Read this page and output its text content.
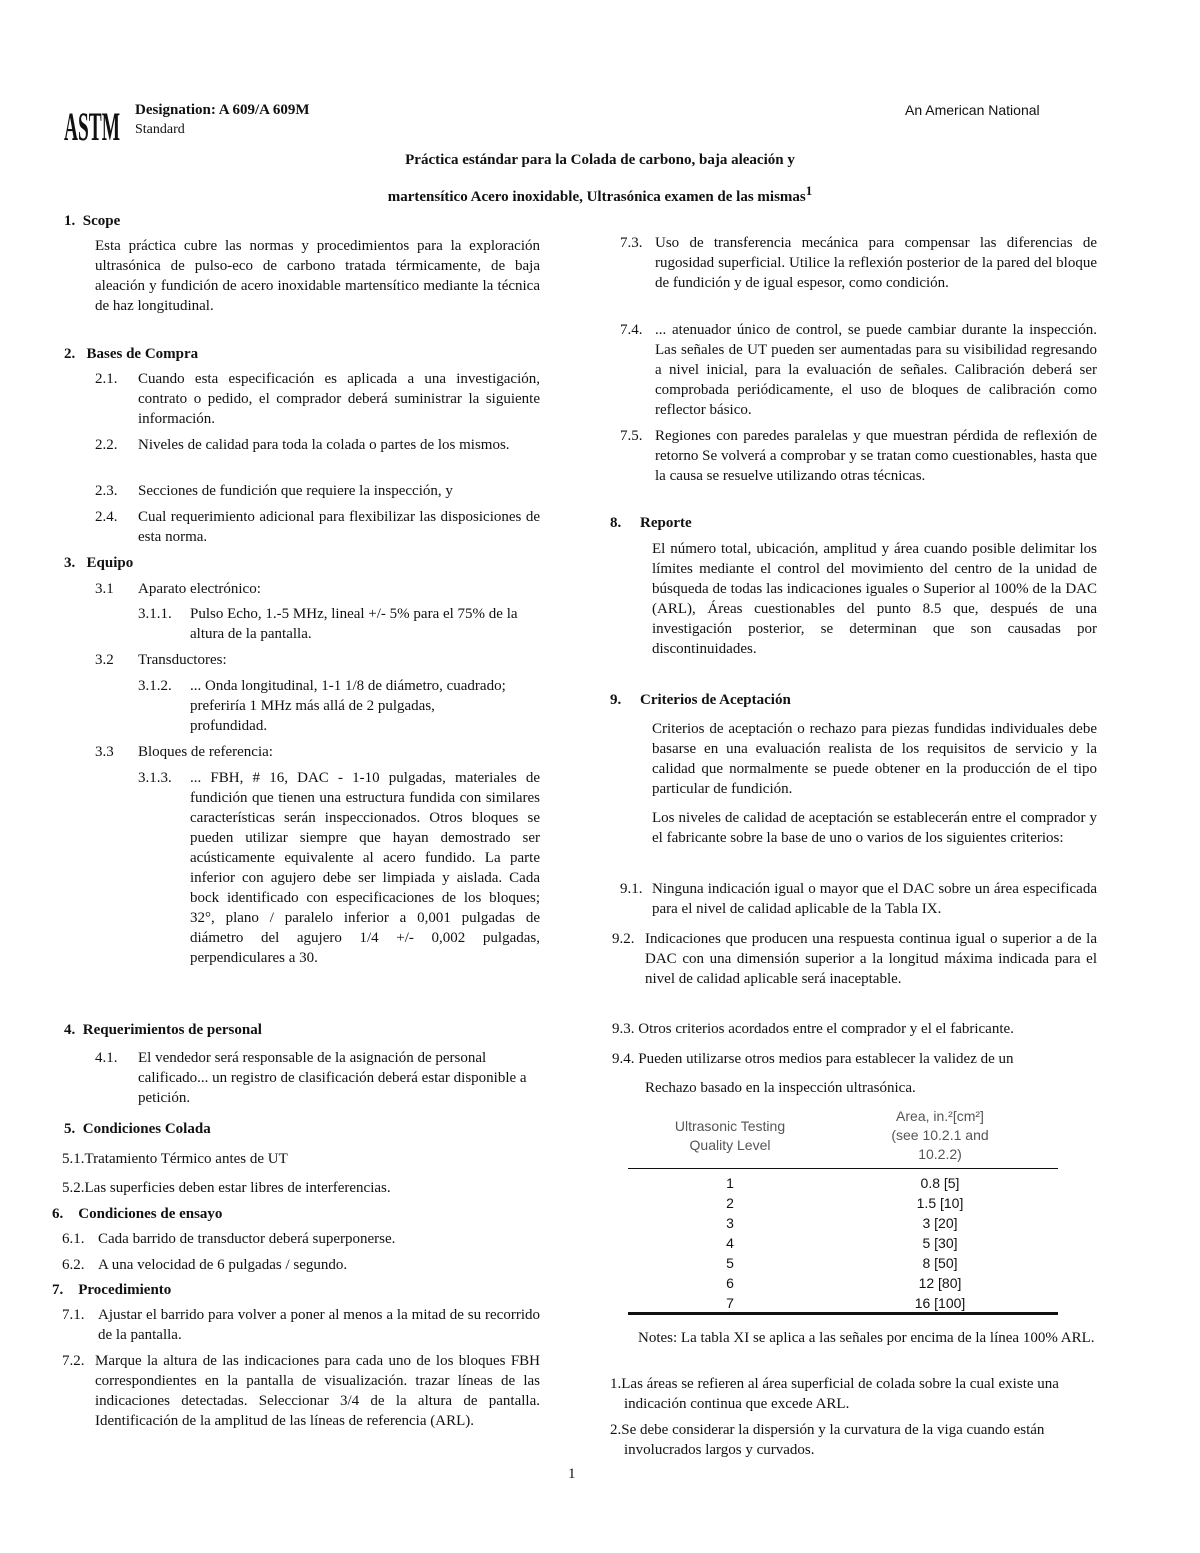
ASTM Designation: A 609/A 609M
Standard
An American National
Práctica estándar para la Colada de carbono, baja aleación y
martensítico Acero inoxidable, Ultrasónica examen de las mismas$^1$
1. Scope
Esta práctica cubre las normas y procedimientos para la exploración ultrasónica de pulso-eco de carbono tratada térmicamente, de baja aleación y fundición de acero inoxidable martensítico mediante la técnica de haz longitudinal.
2. Bases de Compra
2.1. Cuando esta especificación es aplicada a una investigación, contrato o pedido, el comprador deberá suministrar la siguiente información.
2.2. Niveles de calidad para toda la colada o partes de los mismos.
2.3. Secciones de fundición que requiere la inspección, y
2.4. Cual requerimiento adicional para flexibilizar las disposiciones de esta norma.
3. Equipo
3.1 Aparato electrónico:
3.1.1. Pulso Echo, 1.-5 MHz, lineal +/- 5% para el 75% de la altura de la pantalla.
3.2 Transductores:
3.1.2. ... Onda longitudinal, 1-1 1/8 de diámetro, cuadrado; preferiría 1 MHz más allá de 2 pulgadas, profundidad.
3.3 Bloques de referencia:
3.1.3. ... FBH, # 16, DAC - 1-10 pulgadas, materiales de fundición que tienen una estructura fundida con similares características serán inspeccionados. Otros bloques se pueden utilizar siempre que hayan demostrado ser acústicamente equivalente al acero fundido. La parte inferior con agujero debe ser limpiada y aislada. Cada bock identificado con especificaciones de los bloques; 32°, plano / paralelo inferior a 0,001 pulgadas de diámetro del agujero 1/4 +/- 0,002 pulgadas, perpendiculares a 30.
4. Requerimientos de personal
4.1. El vendedor será responsable de la asignación de personal calificado... un registro de clasificación deberá estar disponible a petición.
5. Condiciones Colada
5.1.Tratamiento Térmico antes de UT
5.2.Las superficies deben estar libres de interferencias.
6. Condiciones de ensayo
6.1. Cada barrido de transductor deberá superponerse.
6.2. A una velocidad de 6 pulgadas / segundo.
7. Procedimiento
7.1. Ajustar el barrido para volver a poner al menos a la mitad de su recorrido de la pantalla.
7.2. Marque la altura de las indicaciones para cada uno de los bloques FBH correspondientes en la pantalla de visualización. trazar líneas de las indicaciones detectadas. Seleccionar 3/4 de la altura de pantalla. Identificación de la amplitud de las líneas de referencia (ARL).
7.3. Uso de transferencia mecánica para compensar las diferencias de rugosidad superficial. Utilice la reflexión posterior de la pared del bloque de fundición y de igual espesor, como condición.
7.4. ... atenuador único de control, se puede cambiar durante la inspección. Las señales de UT pueden ser aumentadas para su visibilidad regresando a nivel inicial, para la evaluación de señales. Calibración deberá ser comprobada periódicamente, el uso de bloques de calibración como reflector básico.
7.5. Regiones con paredes paralelas y que muestran pérdida de reflexión de retorno Se volverá a comprobar y se tratan como cuestionables, hasta que la causa se resuelve utilizando otras técnicas.
8. Reporte
El número total, ubicación, amplitud y área cuando posible delimitar los límites mediante el control del movimiento del centro de la unidad de búsqueda de todas las indicaciones iguales o Superior al 100% de la DAC (ARL), Áreas cuestionables del punto 8.5 que, después de una investigación posterior, se determinan que son causadas por discontinuidades.
9. Criterios de Aceptación
Criterios de aceptación o rechazo para piezas fundidas individuales debe basarse en una evaluación realista de los requisitos de servicio y la calidad que normalmente se puede obtener en la producción de el tipo particular de fundición.
Los niveles de calidad de aceptación se establecerán entre el comprador y el fabricante sobre la base de uno o varios de los siguientes criterios:
9.1. Ninguna indicación igual o mayor que el DAC sobre un área especificada para el nivel de calidad aplicable de la Tabla IX.
9.2. Indicaciones que producen una respuesta continua igual o superior a de la DAC con una dimensión superior a la longitud máxima indicada para el nivel de calidad aplicable será inaceptable.
9.3. Otros criterios acordados entre el comprador y el el fabricante.
9.4. Pueden utilizarse otros medios para establecer la validez de un
Rechazo basado en la inspección ultrasónica.
Ultrasonic Testing
Quality Level
Area, in.²[cm²]
(see 10.2.1 and
10.2.2)
1	0.8 [5]
2	1.5 [10]
3	3 [20]
4	5 [30]
5	8 [50]
6	12 [80]
7	16 [100]
Notes: La tabla XI se aplica a las señales por encima de la línea 100% ARL.
1.Las áreas se refieren al área superficial de colada sobre la cual existe una indicación continua que excede ARL.
2.Se debe considerar la dispersión y la curvatura de la viga cuando están involucrados largos y curvados.
1
